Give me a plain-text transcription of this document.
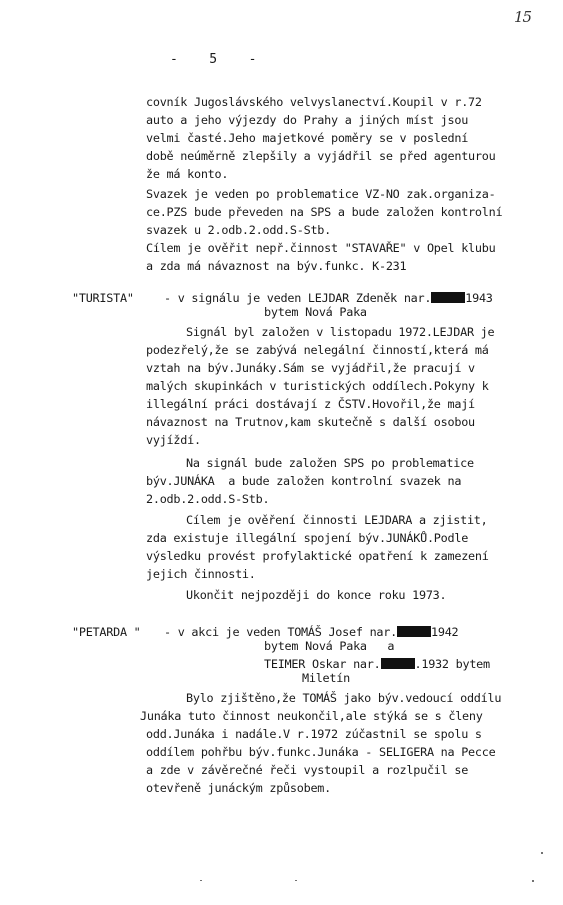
15
-   5   -
covník Jugoslávského velvyslanectví.Koupil v r.72
auto a jeho výjezdy do Prahy a jiných míst jsou
velmi časté.Jeho majetkové poměry se v poslední
době neúměrně zlepšily a vyjádřil se před agenturou
že má konto.
Svazek je veden po problematice VZ-NO zak.organiza-
ce.PZS bude převeden na SPS a bude založen kontrolní
svazek u 2.odb.2.odd.S-Stb.
Cílem je ověřit nepř.činnost "STAVAŘE" v Opel klubu
a zda má návaznost na býv.funkc. K-231
"TURISTA"	- v signálu je veden LEJDAR Zdeněk nar.	1943
bytem Nová Paka
Signál byl založen v listopadu 1972.LEJDAR je
podezřelý,že se zabývá nelegální činností,která má
vztah na býv.Junáky.Sám se vyjádřil,že pracují v
malých skupinkách v turistických oddílech.Pokyny k
illegální práci dostávají z ČSTV.Hovořil,že mají
návaznost na Trutnov,kam skutečně s další osobou
vyjíždí.
Na signál bude založen SPS po problematice
býv.JUNÁKA  a bude založen kontrolní svazek na
2.odb.2.odd.S-Stb.
Cílem je ověření činnosti LEJDARA a zjistit,
zda existuje illegální spojení býv.JUNÁKŮ.Podle
výsledku provést profylaktické opatření k zamezení
jejich činnosti.
Ukončit nejpozději do konce roku 1973.
"PETARDA " - v akci je veden TOMÁŠ Josef nar.	1942
bytem Nová Paka   a
TEIMER Oskar nar.	.1932 bytem
Miletín
Bylo zjištěno,že TOMÁŠ jako býv.vedoucí oddílu
Junáka tuto činnost neukončil,ale stýká se s členy
odd.Junáka i nadále.V r.1972 zúčastnil se spolu s
oddílem pohřbu býv.funkc.Junáka - SELIGERA na Pecce
a zde v závěrečné řeči vystoupil a rozlpučil se
otevřeně junáckým způsobem.
